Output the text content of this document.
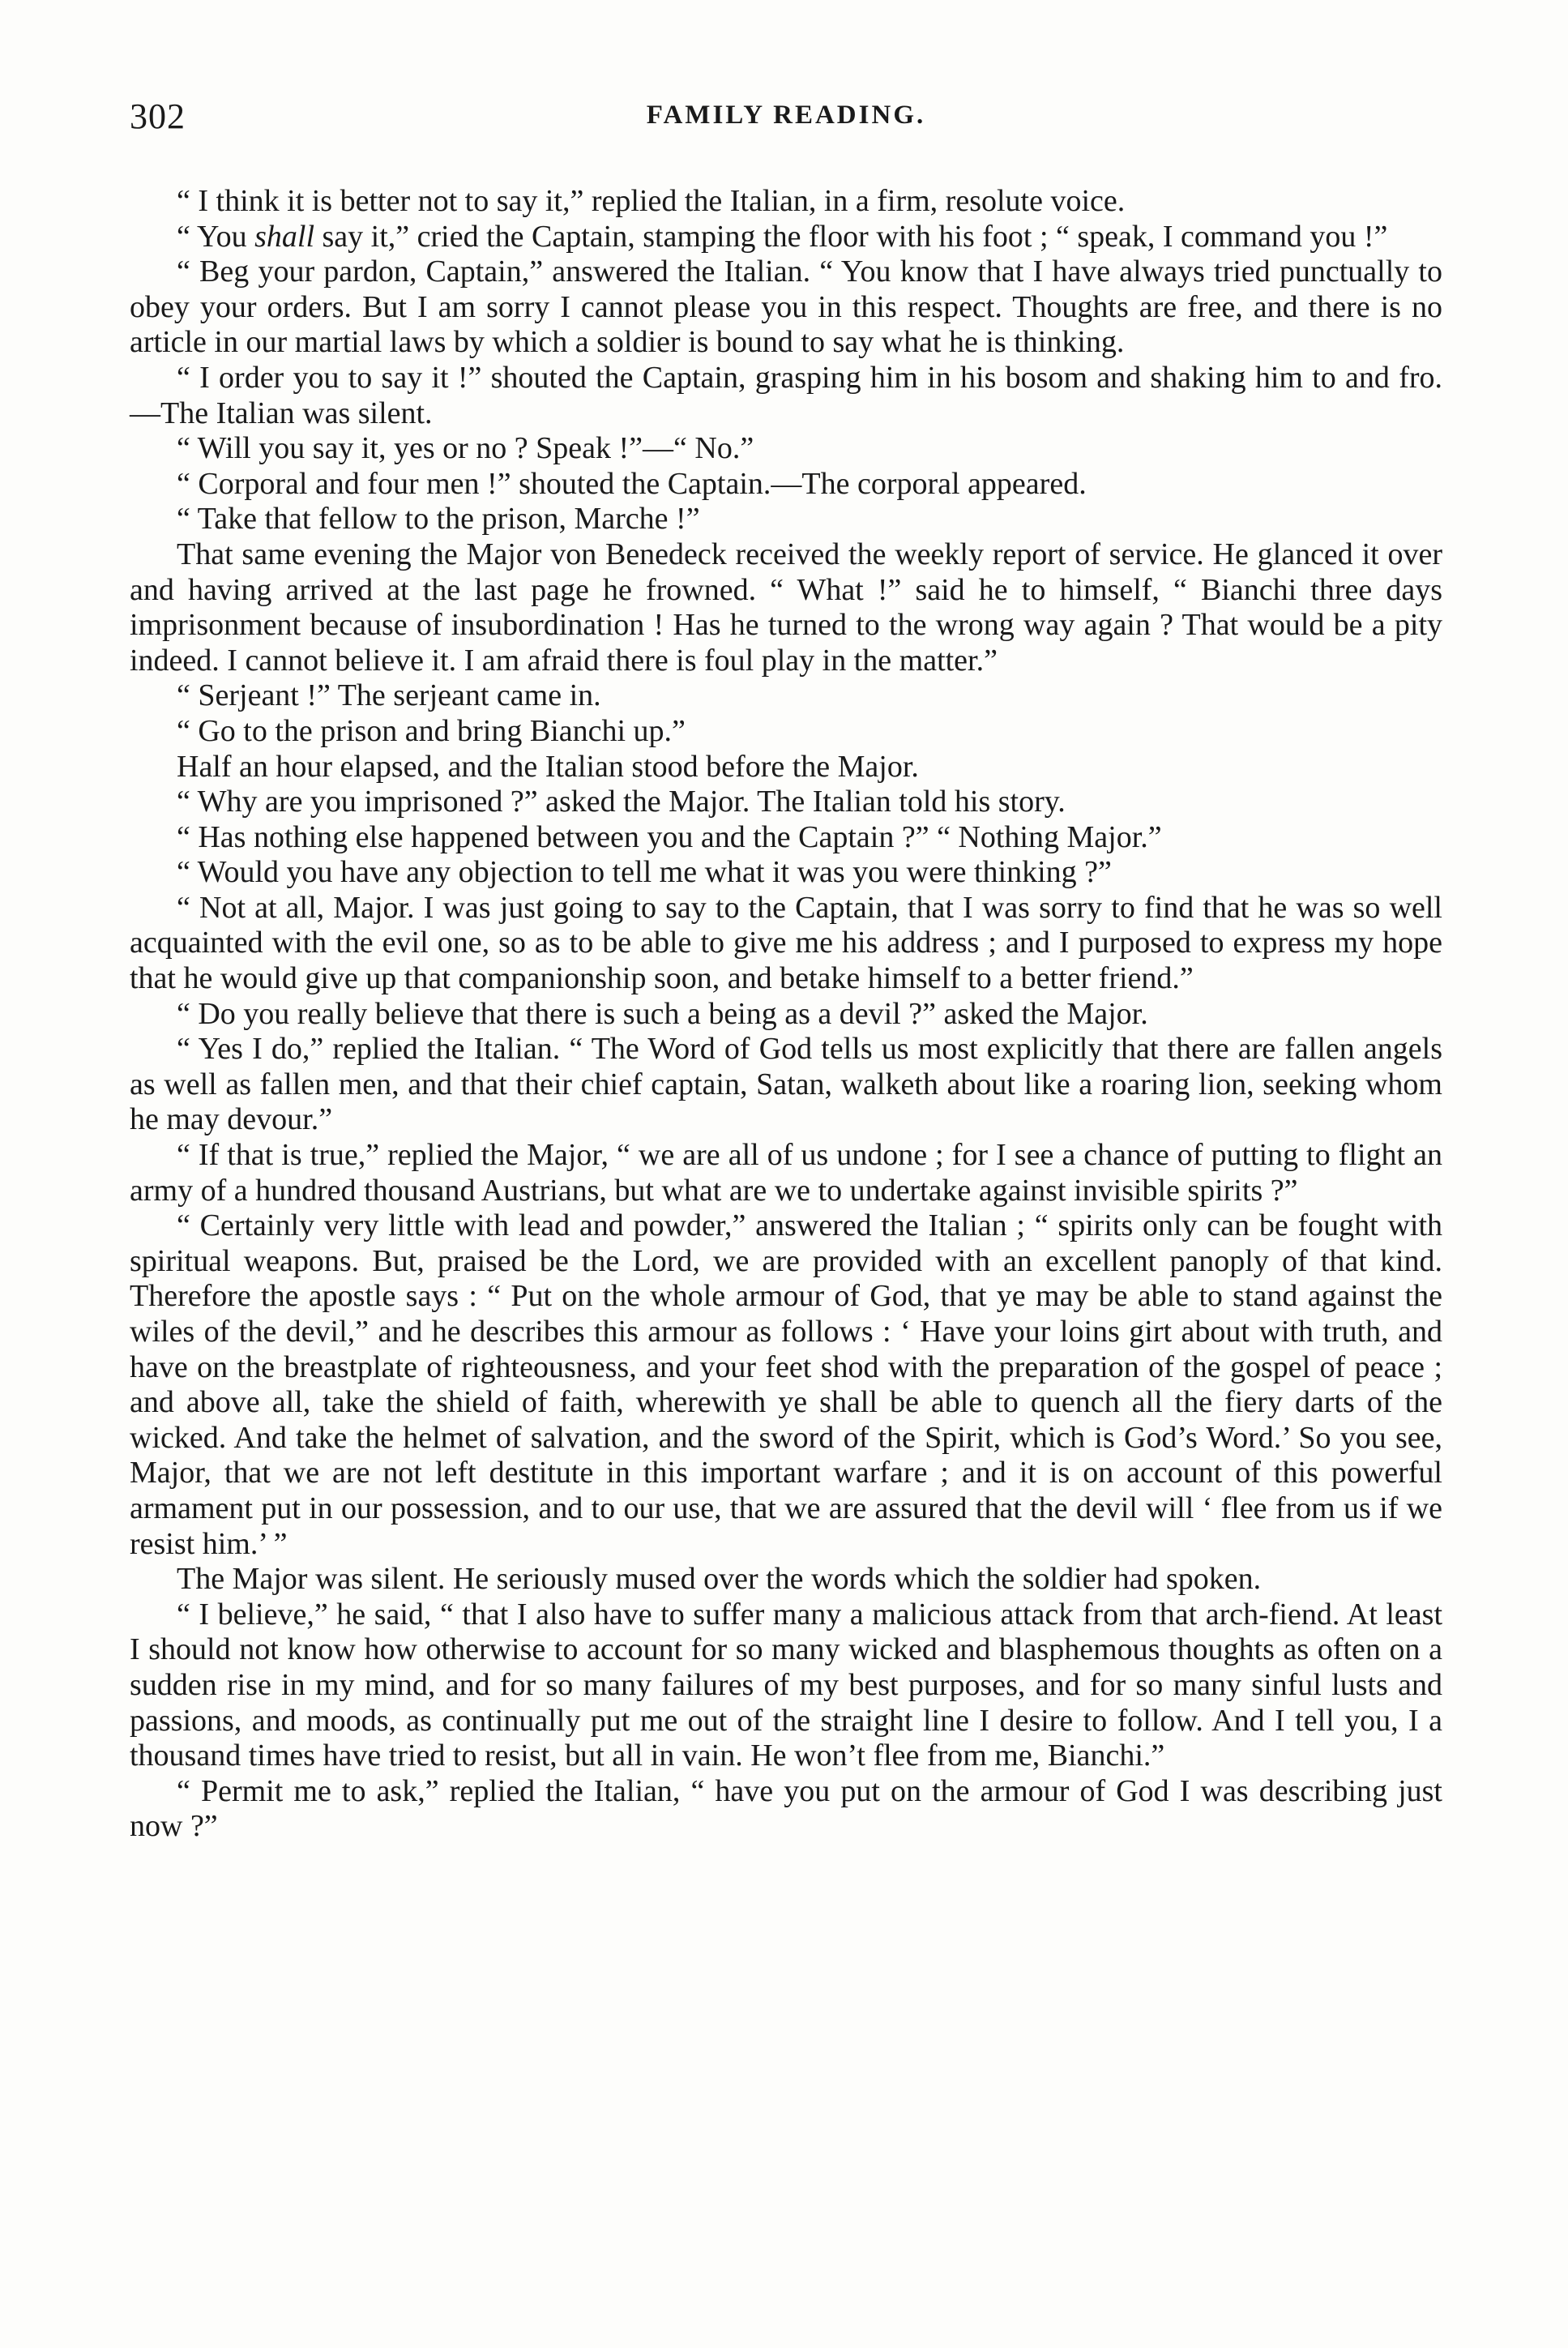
302	FAMILY READING.

“ I think it is better not to say it,” replied the Italian, in a firm, resolute voice.

“ You shall say it,” cried the Captain, stamping the floor with his foot ; “ speak, I command you !”

“ Beg your pardon, Captain,” answered the Italian. “ You know that I have always tried punctually to obey your orders. But I am sorry I cannot please you in this respect. Thoughts are free, and there is no article in our martial laws by which a soldier is bound to say what he is thinking.

“ I order you to say it !” shouted the Captain, grasping him in his bosom and shaking him to and fro.—The Italian was silent.

“ Will you say it, yes or no ? Speak !”—“ No.”

“ Corporal and four men !” shouted the Captain.—The corporal appeared.

“ Take that fellow to the prison, Marche !”

That same evening the Major von Benedeck received the weekly report of service. He glanced it over and having arrived at the last page he frowned. “ What !” said he to himself, “ Bianchi three days imprisonment because of insubordination ! Has he turned to the wrong way again ? That would be a pity indeed. I cannot believe it. I am afraid there is foul play in the matter.”

“ Serjeant !” The serjeant came in.

“ Go to the prison and bring Bianchi up.”

Half an hour elapsed, and the Italian stood before the Major.

“ Why are you imprisoned ?” asked the Major. The Italian told his story.

“ Has nothing else happened between you and the Captain ?” “ Nothing Major.”

“ Would you have any objection to tell me what it was you were thinking ?”

“ Not at all, Major. I was just going to say to the Captain, that I was sorry to find that he was so well acquainted with the evil one, so as to be able to give me his address ; and I purposed to express my hope that he would give up that companionship soon, and betake himself to a better friend.”

“ Do you really believe that there is such a being as a devil ?” asked the Major.

“ Yes I do,” replied the Italian. “ The Word of God tells us most explicitly that there are fallen angels as well as fallen men, and that their chief captain, Satan, walketh about like a roaring lion, seeking whom he may devour.”

“ If that is true,” replied the Major, “ we are all of us undone ; for I see a chance of putting to flight an army of a hundred thousand Austrians, but what are we to undertake against invisible spirits ?”

“ Certainly very little with lead and powder,” answered the Italian ; “ spirits only can be fought with spiritual weapons. But, praised be the Lord, we are provided with an excellent panoply of that kind. Therefore the apostle says : “ Put on the whole armour of God, that ye may be able to stand against the wiles of the devil,” and he describes this armour as follows : ‘ Have your loins girt about with truth, and have on the breastplate of righteousness, and your feet shod with the preparation of the gospel of peace ; and above all, take the shield of faith, wherewith ye shall be able to quench all the fiery darts of the wicked. And take the helmet of salvation, and the sword of the Spirit, which is God’s Word.’ So you see, Major, that we are not left destitute in this important warfare ; and it is on account of this powerful armament put in our possession, and to our use, that we are assured that the devil will ‘ flee from us if we resist him.’ ”

The Major was silent. He seriously mused over the words which the soldier had spoken.

“ I believe,” he said, “ that I also have to suffer many a malicious attack from that arch-fiend. At least I should not know how otherwise to account for so many wicked and blasphemous thoughts as often on a sudden rise in my mind, and for so many failures of my best purposes, and for so many sinful lusts and passions, and moods, as continually put me out of the straight line I desire to follow. And I tell you, I a thousand times have tried to resist, but all in vain. He won’t flee from me, Bianchi.”

“ Permit me to ask,” replied the Italian, “ have you put on the armour of God I was describing just now ?”
